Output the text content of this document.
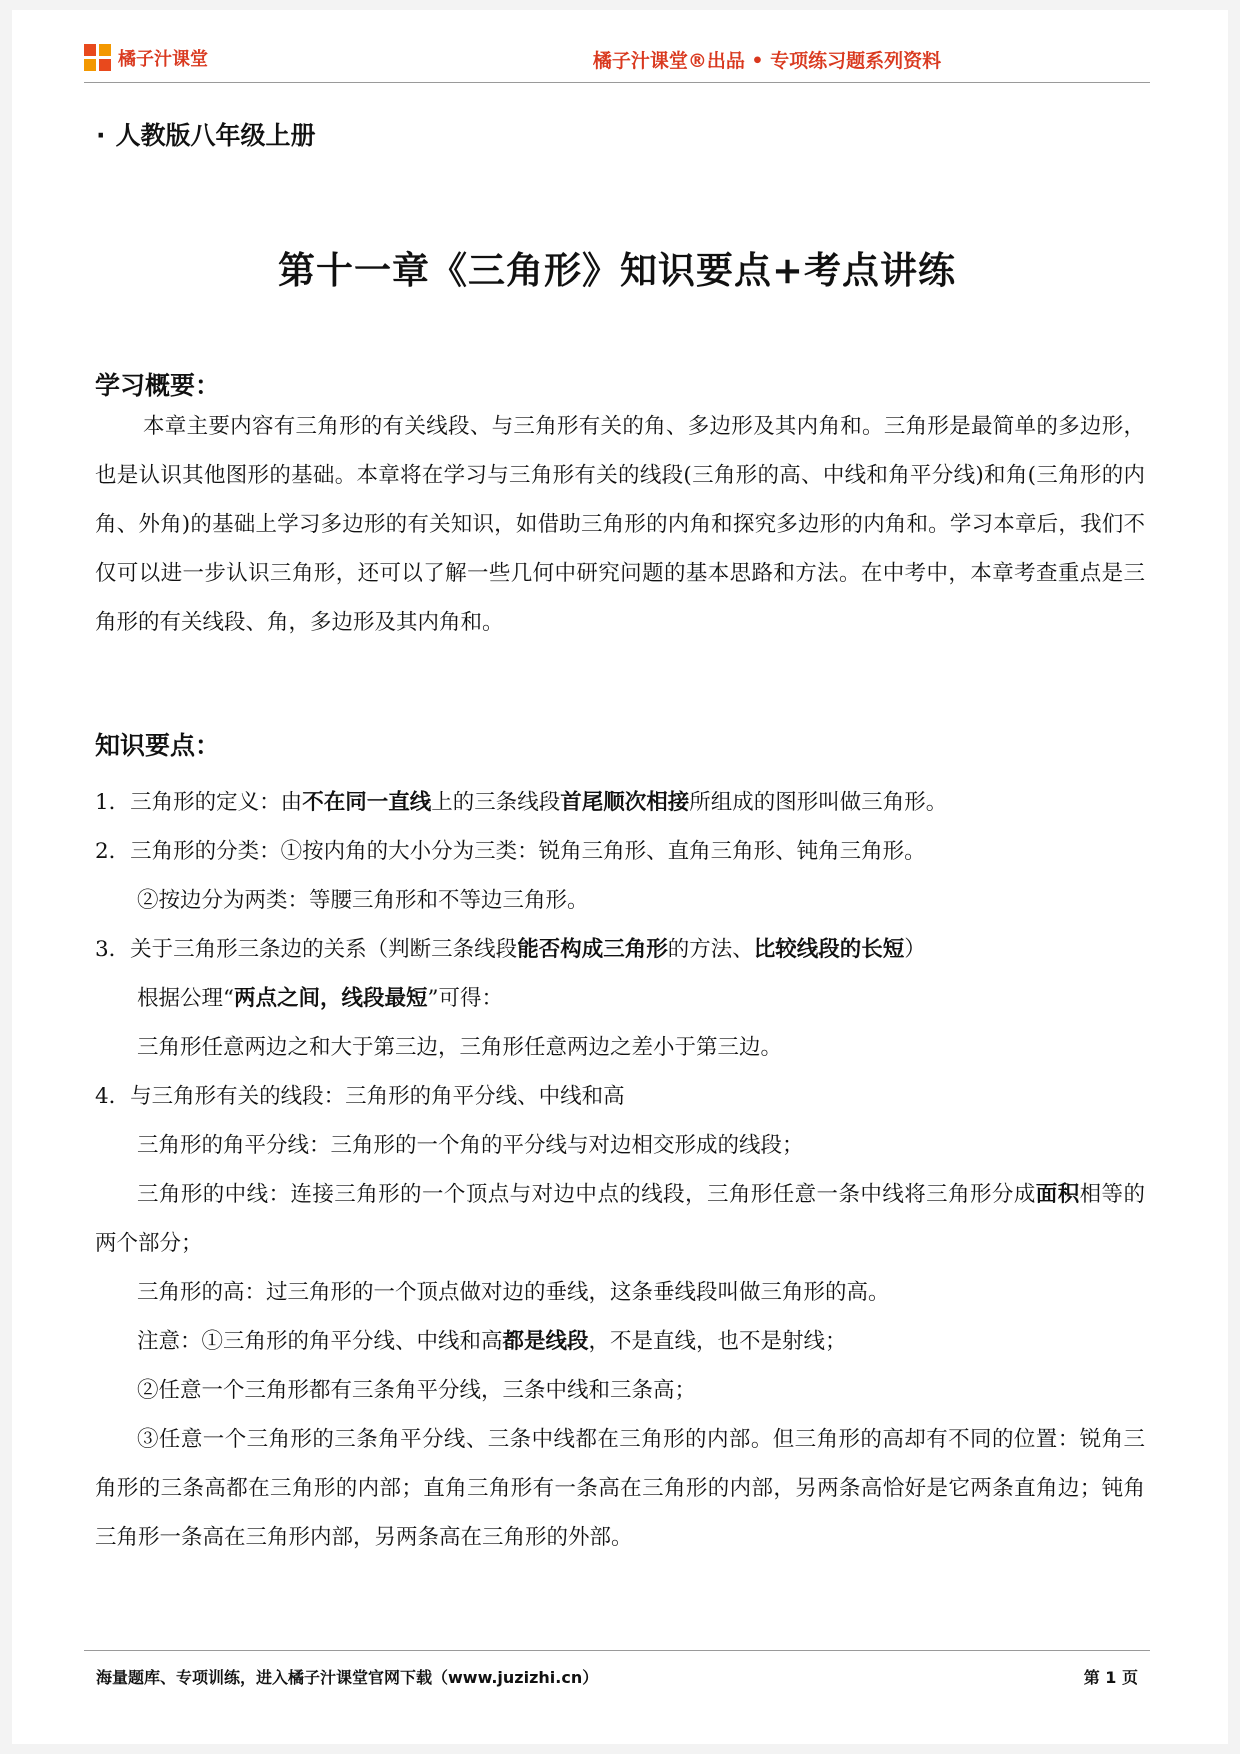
橘子汁课堂	橘子汁课堂®出品 • 专项练习题系列资料
· 人教版八年级上册
第十一章《三角形》知识要点+考点讲练
学习概要：
本章主要内容有三角形的有关线段、与三角形有关的角、多边形及其内角和。三角形是最简单的多边形，也是认识其他图形的基础。本章将在学习与三角形有关的线段(三角形的高、中线和角平分线)和角(三角形的内角、外角)的基础上学习多边形的有关知识，如借助三角形的内角和探究多边形的内角和。学习本章后，我们不仅可以进一步认识三角形，还可以了解一些几何中研究问题的基本思路和方法。在中考中，本章考查重点是三角形的有关线段、角，多边形及其内角和。
知识要点：

1．三角形的定义：由不在同一直线上的三条线段首尾顺次相接所组成的图形叫做三角形。

2．三角形的分类：①按内角的大小分为三类：锐角三角形、直角三角形、钝角三角形。

②按边分为两类：等腰三角形和不等边三角形。

3．关于三角形三条边的关系（判断三条线段能否构成三角形的方法、比较线段的长短）

根据公理“两点之间，线段最短”可得：

三角形任意两边之和大于第三边，三角形任意两边之差小于第三边。

4．与三角形有关的线段：三角形的角平分线、中线和高

三角形的角平分线：三角形的一个角的平分线与对边相交形成的线段；

三角形的中线：连接三角形的一个顶点与对边中点的线段，三角形任意一条中线将三角形分成面积相等的两个部分；

三角形的高：过三角形的一个顶点做对边的垂线，这条垂线段叫做三角形的高。

注意：①三角形的角平分线、中线和高都是线段，不是直线，也不是射线；

②任意一个三角形都有三条角平分线，三条中线和三条高；

③任意一个三角形的三条角平分线、三条中线都在三角形的内部。但三角形的高却有不同的位置：锐角三角形的三条高都在三角形的内部；直角三角形有一条高在三角形的内部，另两条高恰好是它两条直角边；钝角三角形一条高在三角形内部，另两条高在三角形的外部。

海量题库、专项训练，进入橘子汁课堂官网下载（www.juzizhi.cn）	第 1 页
